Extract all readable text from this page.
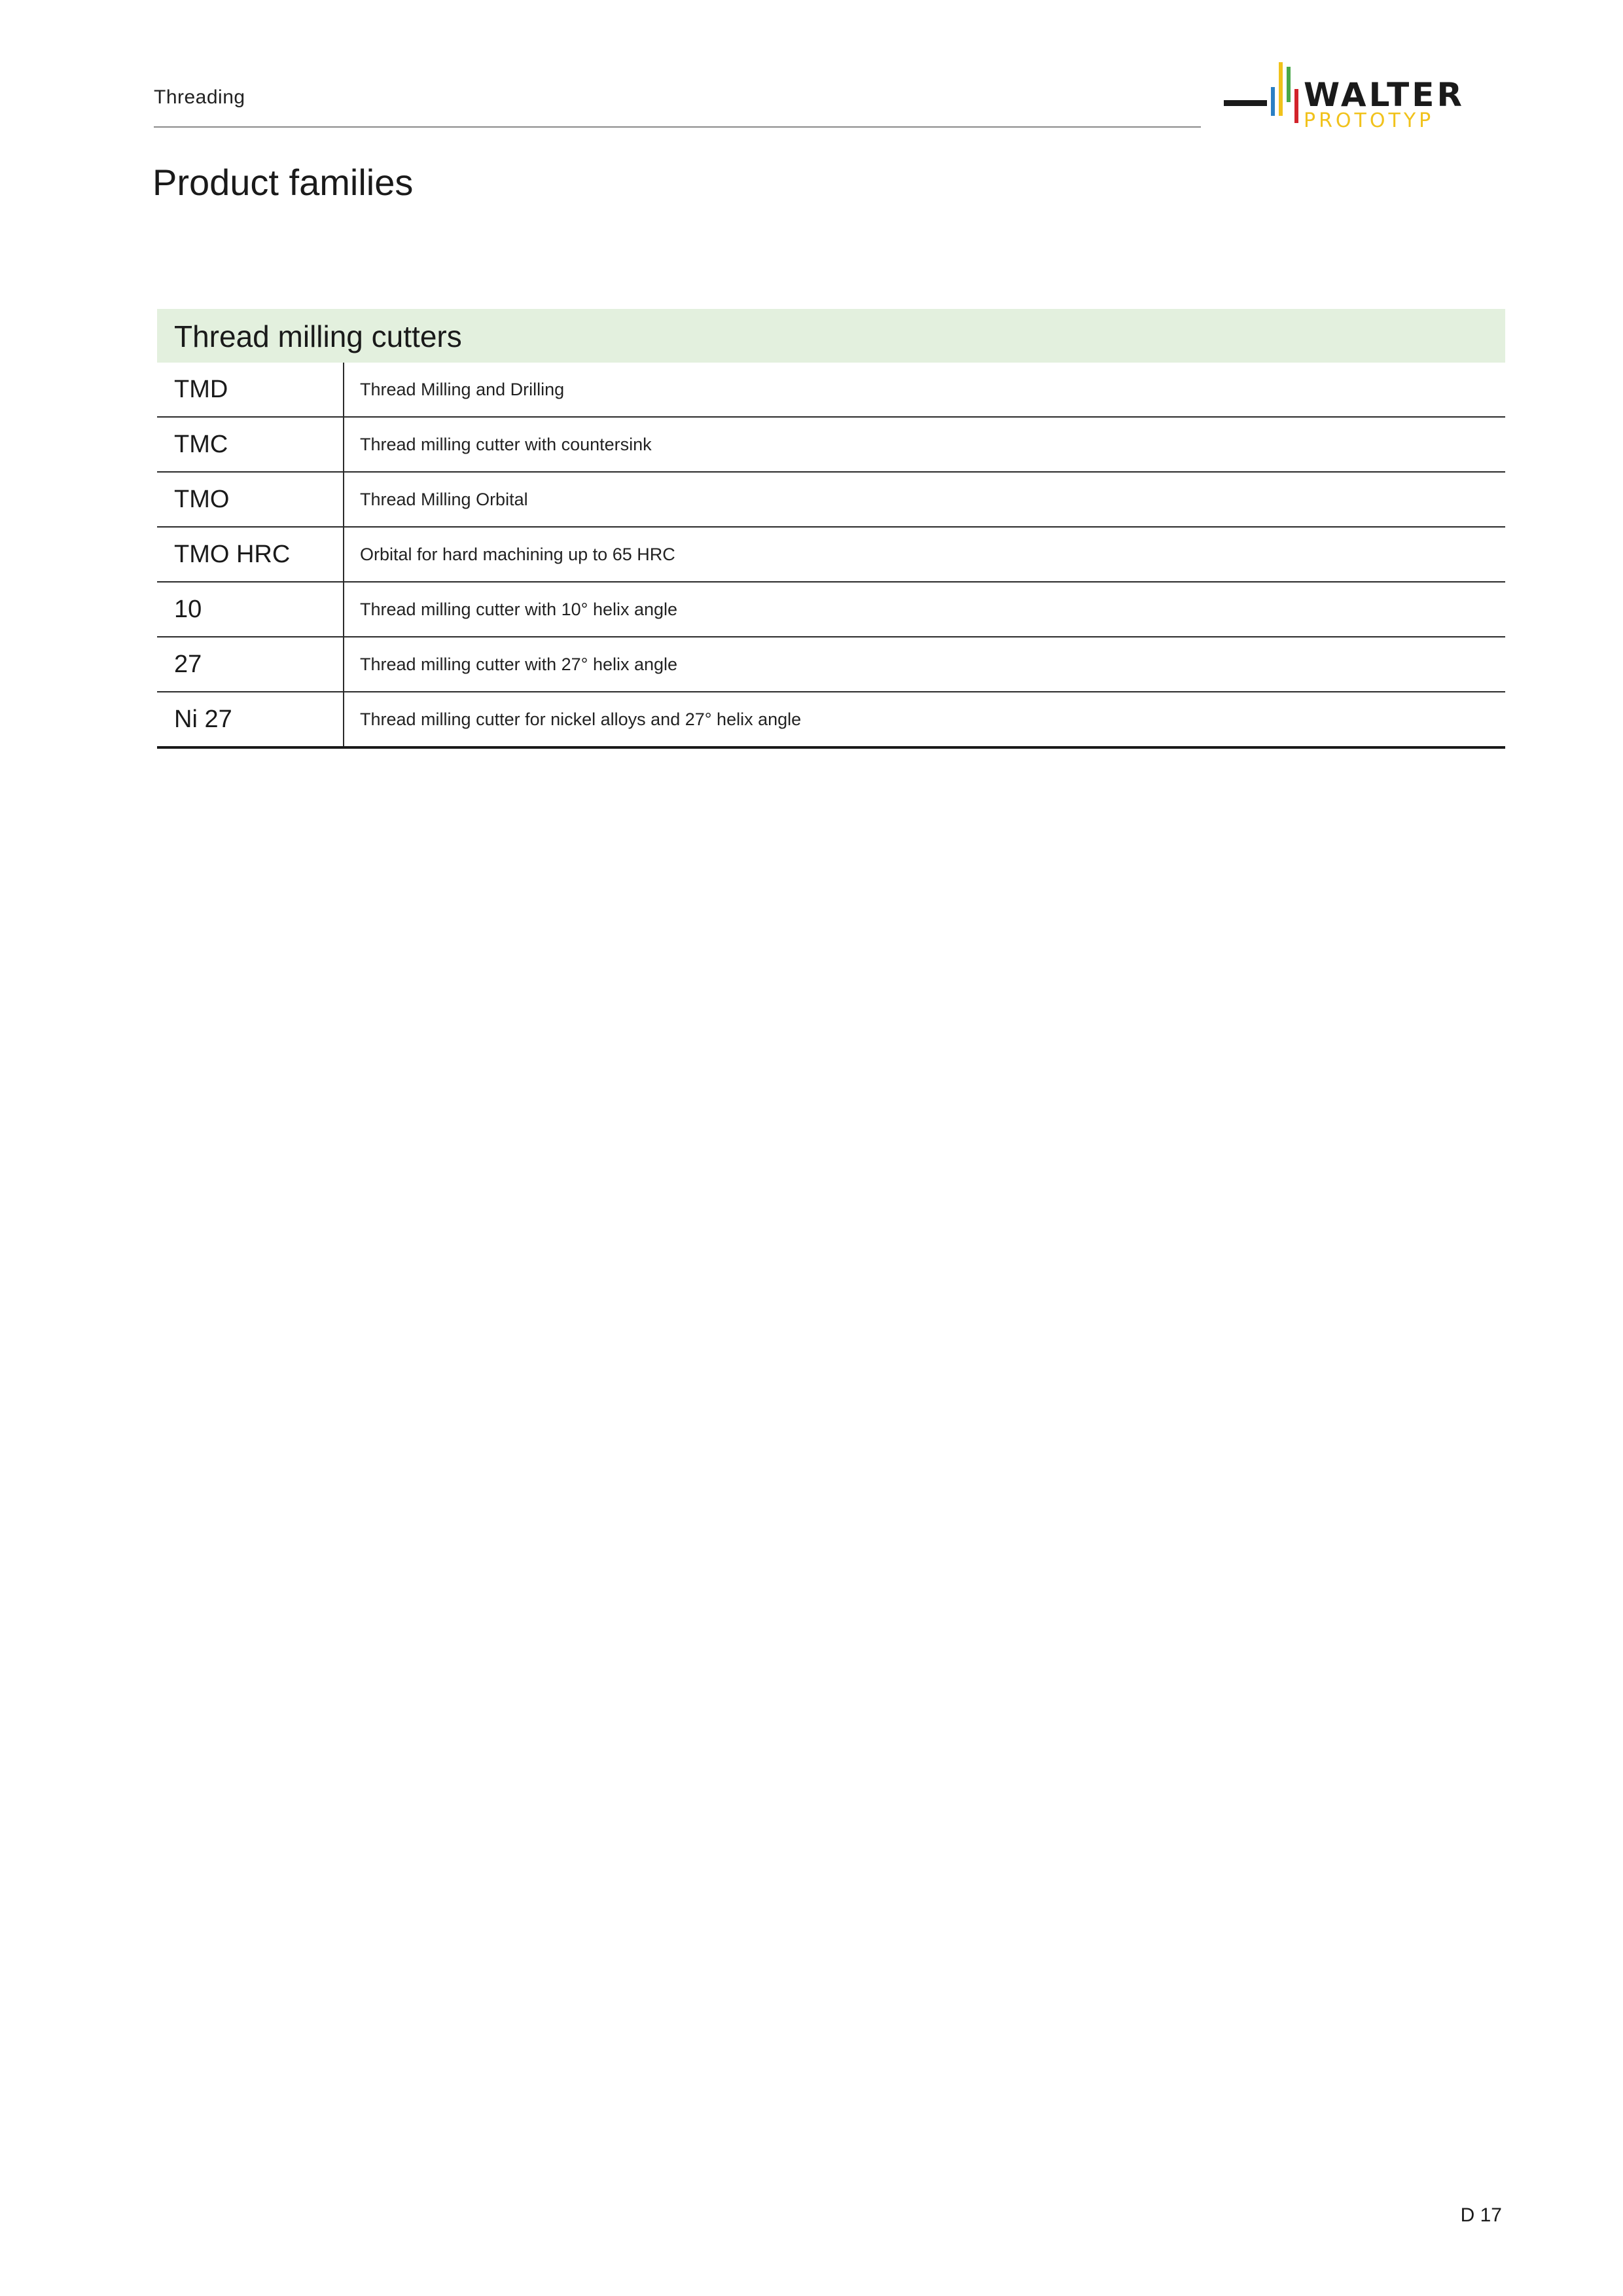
Threading	WALTER
PROTOTYP
Product families
Thread milling cutters
TMD	Thread Milling and Drilling
TMC	Thread milling cutter with countersink
TMO	Thread Milling Orbital
TMO HRC	Orbital for hard machining up to 65 HRC
10	Thread milling cutter with 10° helix angle
27	Thread milling cutter with 27° helix angle
Ni 27	Thread milling cutter for nickel alloys and 27° helix angle
D 17
